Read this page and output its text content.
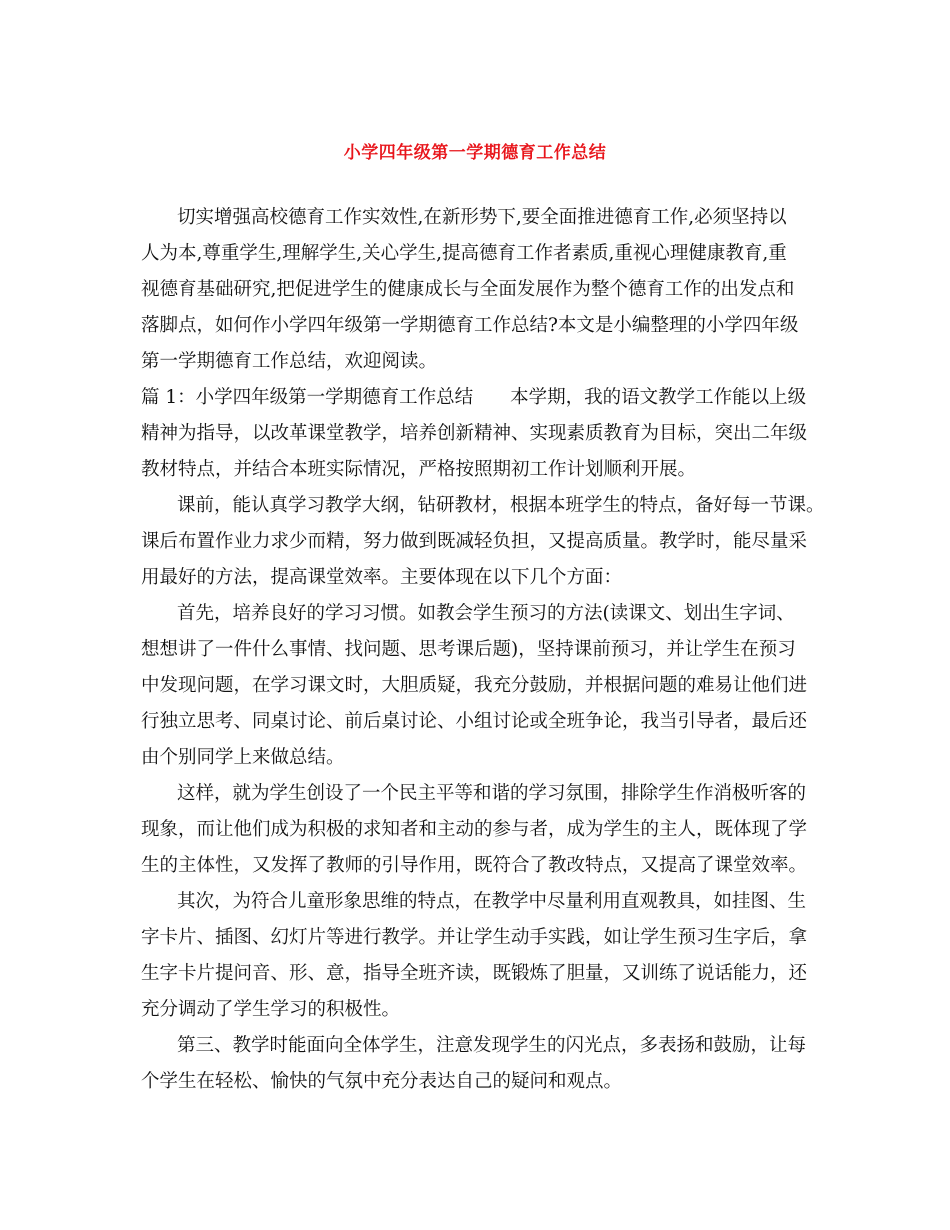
小学四年级第一学期德育工作总结
切实增强高校德育工作实效性,在新形势下,要全面推进德育工作,必须坚持以
人为本,尊重学生,理解学生,关心学生,提高德育工作者素质,重视心理健康教育,重
视德育基础研究,把促进学生的健康成长与全面发展作为整个德育工作的出发点和
落脚点，如何作小学四年级第一学期德育工作总结?本文是小编整理的小学四年级
第一学期德育工作总结，欢迎阅读。
篇 1：小学四年级第一学期德育工作总结　　本学期，我的语文教学工作能以上级
精神为指导，以改革课堂教学，培养创新精神、实现素质教育为目标，突出二年级
教材特点，并结合本班实际情况，严格按照期初工作计划顺利开展。
课前，能认真学习教学大纲，钻研教材，根据本班学生的特点，备好每一节课。
课后布置作业力求少而精，努力做到既减轻负担，又提高质量。教学时，能尽量采
用最好的方法，提高课堂效率。主要体现在以下几个方面：
首先，培养良好的学习习惯。如教会学生预习的方法(读课文、划出生字词、
想想讲了一件什么事情、找问题、思考课后题)，坚持课前预习，并让学生在预习
中发现问题，在学习课文时，大胆质疑，我充分鼓励，并根据问题的难易让他们进
行独立思考、同桌讨论、前后桌讨论、小组讨论或全班争论，我当引导者，最后还
由个别同学上来做总结。
这样，就为学生创设了一个民主平等和谐的学习氛围，排除学生作消极听客的
现象，而让他们成为积极的求知者和主动的参与者，成为学生的主人，既体现了学
生的主体性，又发挥了教师的引导作用，既符合了教改特点，又提高了课堂效率。
其次，为符合儿童形象思维的特点，在教学中尽量利用直观教具，如挂图、生
字卡片、插图、幻灯片等进行教学。并让学生动手实践，如让学生预习生字后，拿
生字卡片提问音、形、意，指导全班齐读，既锻炼了胆量，又训练了说话能力，还
充分调动了学生学习的积极性。
第三、教学时能面向全体学生，注意发现学生的闪光点，多表扬和鼓励，让每
个学生在轻松、愉快的气氛中充分表达自己的疑问和观点。
